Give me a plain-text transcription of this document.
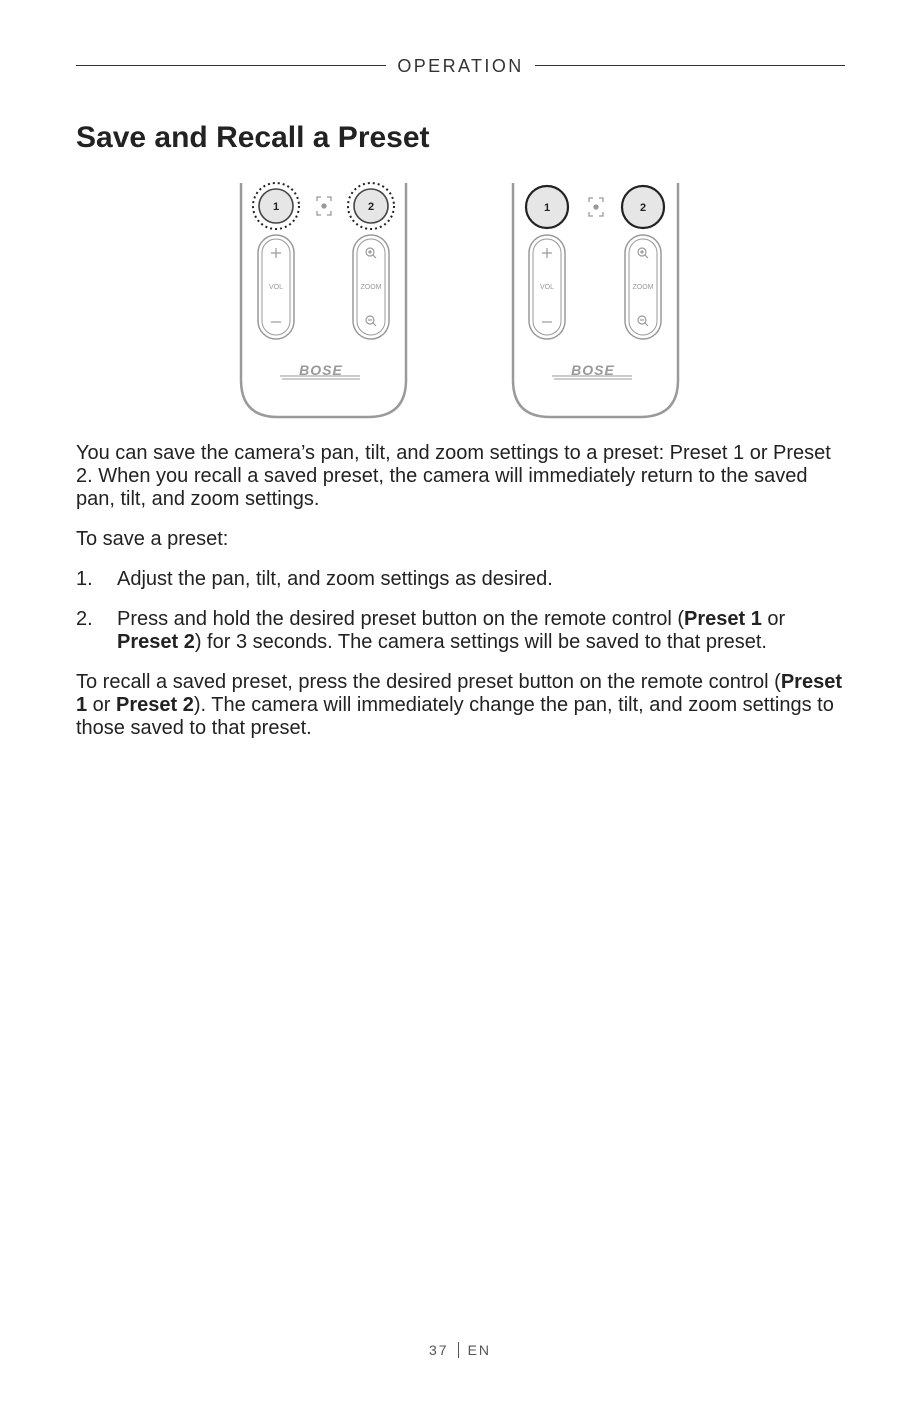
OPERATION
Save and Recall a Preset
1	2
VOL	ZOOM
BOSE
1	2
VOL	ZOOM
BOSE

You can save the camera’s pan, tilt, and zoom settings to a preset: Preset 1 or Preset 2. When you recall a saved preset, the camera will immediately return to the saved pan, tilt, and zoom settings.

To save a preset:

1. Adjust the pan, tilt, and zoom settings as desired.
2. Press and hold the desired preset button on the remote control (Preset 1 or Preset 2) for 3 seconds. The camera settings will be saved to that preset.

To recall a saved preset, press the desired preset button on the remote control (Preset 1 or Preset 2). The camera will immediately change the pan, tilt, and zoom settings to those saved to that preset.

37 EN
